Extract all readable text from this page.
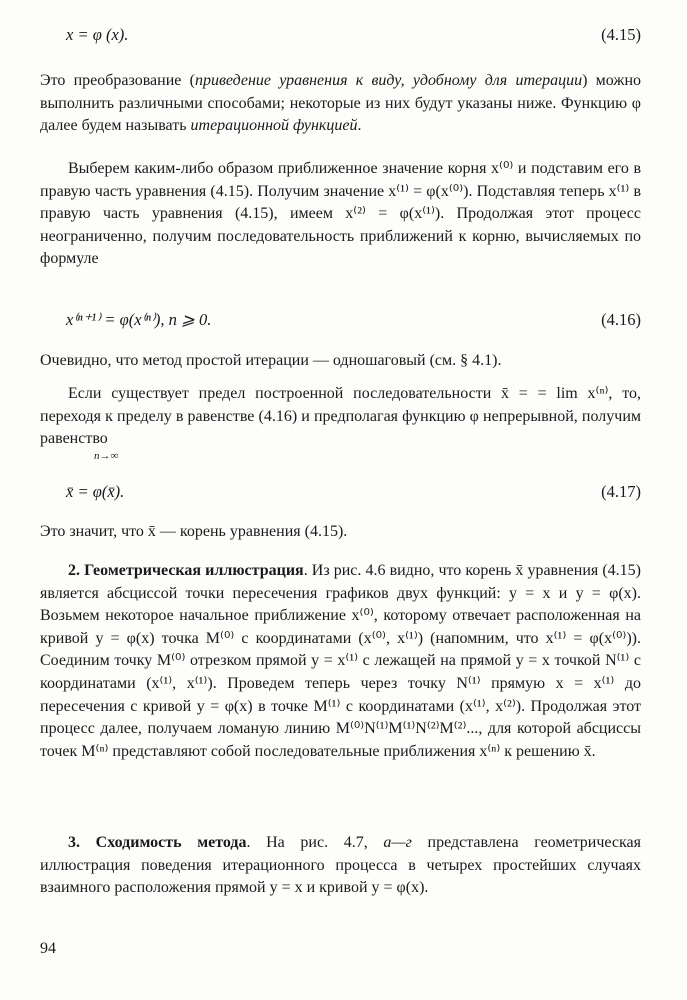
x = φ (x).	(4.15)
Это преобразование (приведение уравнения к виду, удобному для итерации) можно выполнить различными способами; некоторые из них будут указаны ниже. Функцию φ далее будем называть итерационной функцией.
Выберем каким-либо образом приближенное значение корня x⁽⁰⁾ и подставим его в правую часть уравнения (4.15). Получим значение x⁽¹⁾ = φ(x⁽⁰⁾). Подставляя теперь x⁽¹⁾ в правую часть уравнения (4.15), имеем x⁽²⁾ = φ(x⁽¹⁾). Продолжая этот процесс неограниченно, получим последовательность приближений к корню, вычисляемых по формуле
x⁽ⁿ⁺¹⁾ = φ(x⁽ⁿ⁾), n ⩾ 0.	(4.16)
Очевидно, что метод простой итерации — одношаговый (см. § 4.1).
Если существует предел построенной последовательности x̄ = = lim x⁽ⁿ⁾, то, переходя к пределу в равенстве (4.16) и предполагая функцию φ непрерывной, получим равенство
n→∞
x̄ = φ(x̄).	(4.17)
Это значит, что x̄ — корень уравнения (4.15).
2. Геометрическая иллюстрация. Из рис. 4.6 видно, что корень x̄ уравнения (4.15) является абсциссой точки пересечения графиков двух функций: y = x и y = φ(x). Возьмем некоторое начальное приближение x⁽⁰⁾, которому отвечает расположенная на кривой y = φ(x) точка M⁽⁰⁾ с координатами (x⁽⁰⁾, x⁽¹⁾) (напомним, что x⁽¹⁾ = φ(x⁽⁰⁾)). Соединим точку M⁽⁰⁾ отрезком прямой y = x⁽¹⁾ с лежащей на прямой y = x точкой N⁽¹⁾ с координатами (x⁽¹⁾, x⁽¹⁾). Проведем теперь через точку N⁽¹⁾ прямую x = x⁽¹⁾ до пересечения с кривой y = φ(x) в точке M⁽¹⁾ с координатами (x⁽¹⁾, x⁽²⁾). Продолжая этот процесс далее, получаем ломаную линию M⁽⁰⁾N⁽¹⁾M⁽¹⁾N⁽²⁾M⁽²⁾..., для которой абсциссы точек M⁽ⁿ⁾ представляют собой последовательные приближения x⁽ⁿ⁾ к решению x̄.
3. Сходимость метода. На рис. 4.7, а—г представлена геометрическая иллюстрация поведения итерационного процесса в четырех простейших случаях взаимного расположения прямой y = x и кривой y = φ(x).
94
